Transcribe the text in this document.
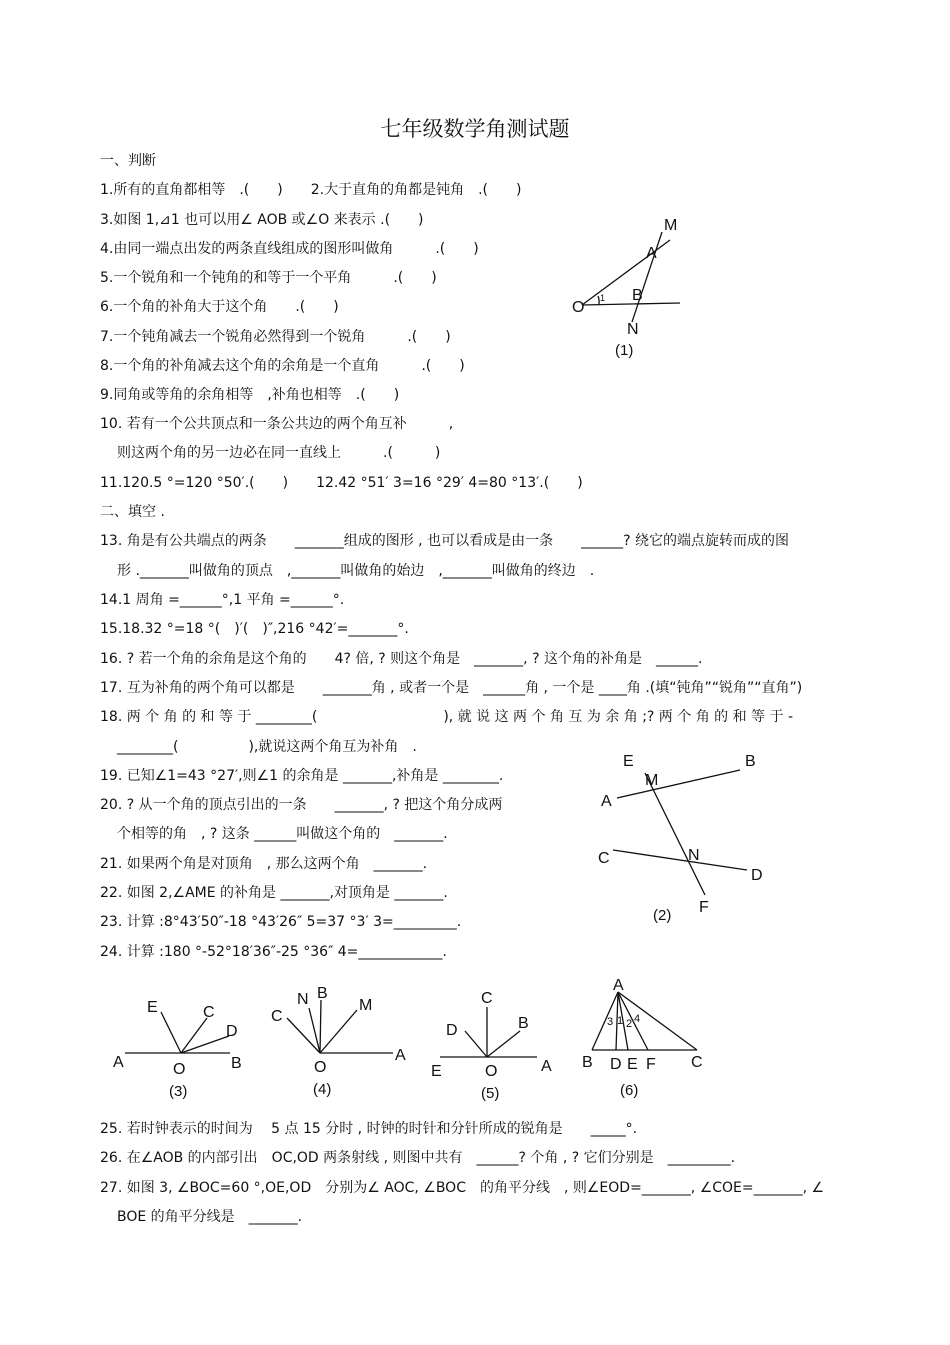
七年级数学角测试题
一、判断
1.所有的直角都相等　.(　　)　　2.大于直角的角都是钝角　.(　　)
3.如图 1,⊿1 也可以用∠ AOB 或∠O 来表示 .(　　)
4.由同一端点出发的两条直线组成的图形叫做角　　　.(　　)
5.一个锐角和一个钝角的和等于一个平角　　　.(　　)
6.一个角的补角大于这个角　　.(　　)
7.一个钝角减去一个锐角必然得到一个锐角　　　.(　　)
8.一个角的补角减去这个角的余角是一个直角　　　.(　　)
9.同角或等角的余角相等　,补角也相等　.(　　)
10. 若有一个公共顶点和一条公共边的两个角互补　　　,
则这两个角的另一边必在同一直线上　　　.(　　　)
11.120.5 °=120 °50′.(　　)　　12.42 °51′ 3=16 °29′ 4=80 °13′.(　　)
二、填空 .
13. 角是有公共端点的两条　　_______组成的图形 , 也可以看成是由一条　　______? 绕它的端点旋转而成的图
形 ._______叫做角的顶点　,_______叫做角的始边　,_______叫做角的终边　.
14.1 周角 =______°,1 平角 =______°.
15.18.32 °=18 °(　)′(　)″,216 °42′=_______°.
16. ? 若一个角的余角是这个角的　　4? 倍, ? 则这个角是　_______, ? 这个角的补角是　______.
17. 互为补角的两个角可以都是　　_______角 , 或者一个是　______角 , 一个是 ____角 .(填“钝角”“锐角”“直角”)
18. 两 个 角 的 和 等 于 ________(　　　　　　　　　), 就 说 这 两 个 角 互 为 余 角 ;? 两 个 角 的 和 等 于 -
________(　　　　　),就说这两个角互为补角　.
19. 已知∠1=43 °27′,则∠1 的余角是 _______,补角是 ________.
20. ? 从一个角的顶点引出的一条　　_______, ? 把这个角分成两
个相等的角　, ? 这条 ______叫做这个角的　_______.
21. 如果两个角是对顶角　, 那么这两个角　_______.
22. 如图 2,∠AME 的补角是 _______,对顶角是 _______.
23. 计算 :8°43′50″-18 °43′26″ 5=37 °3′ 3=_________.
24. 计算 :180 °-52°18′36″-25 °36″ 4=____________.
25. 若时钟表示的时间为　 5 点 15 分时 , 时钟的时针和分针所成的锐角是　　_____°.
26. 在∠AOB 的内部引出　OC,OD 两条射线 , 则图中共有　______? 个角 , ? 它们分别是　_________.
27. 如图 3, ∠BOC=60 °,OE,OD　分别为∠ AOC, ∠BOC　的角平分线　, 则∠EOD=_______, ∠COE=_______, ∠
BOE 的角平分线是　_______.
M
A
O
1 B
N
(1)
E
M
B
A
C	N
D
F
(2)
E	C
D
A	O	B
(3)
N B
M
C
O
A
(4)
C
D	B
E	O	A
(5)
A
3 1 2 4
B D E F C
(6)
